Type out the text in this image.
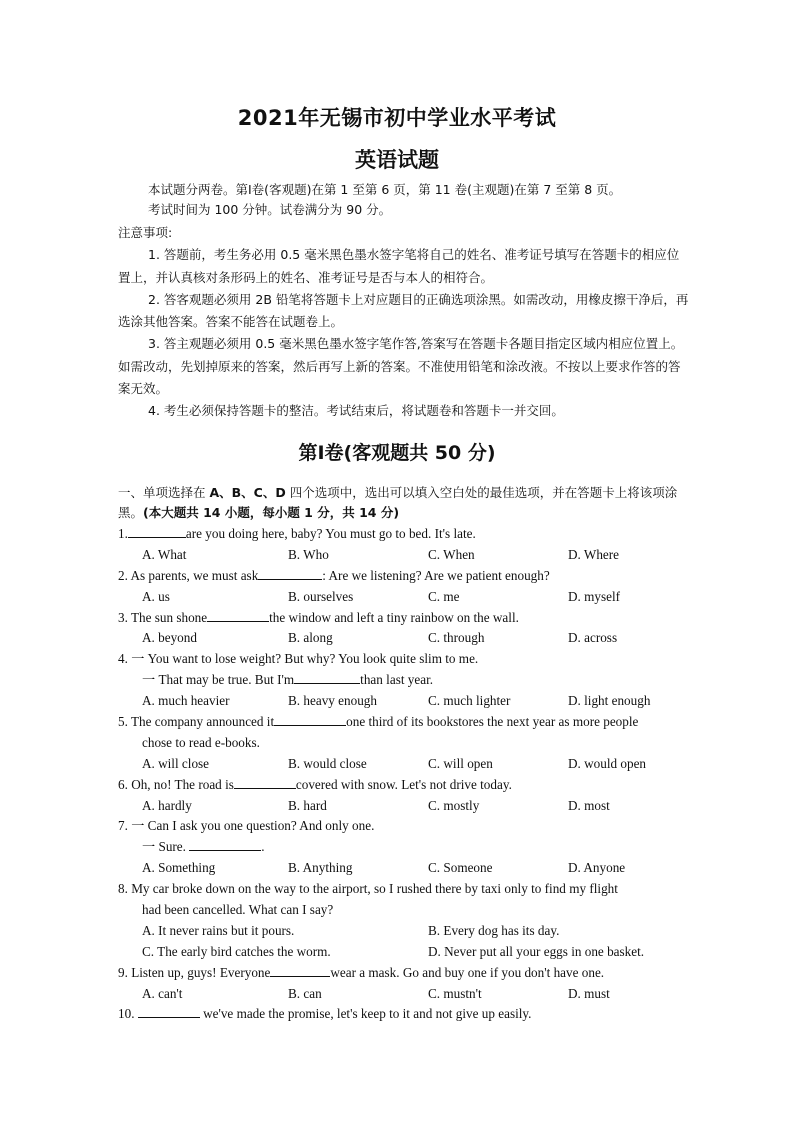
2021年无锡市初中学业水平考试
英语试题
本试题分两卷。第Ⅰ卷(客观题)在第 1 至第 6 页，第 11 卷(主观题)在第 7 至第 8 页。
考试时间为 100 分钟。试卷满分为 90 分。

注意事项:

1. 答题前，考生务必用 0.5 毫米黑色墨水签字笔将自己的姓名、准考证号填写在答题卡的相应位置上，并认真核对条形码上的姓名、准考证号是否与本人的相符合。

2. 答客观题必须用 2B 铅笔将答题卡上对应题目的正确选项涂黑。如需改动，用橡皮擦干净后，再选涂其他答案。答案不能答在试题卷上。

3. 答主观题必须用 0.5 毫米黑色墨水签字笔作答,答案写在答题卡各题目指定区域内相应位置上。如需改动，先划掉原来的答案，然后再写上新的答案。不准使用铅笔和涂改液。不按以上要求作答的答案无效。

4. 考生必须保持答题卡的整洁。考试结束后，将试题卷和答题卡一并交回。

第Ⅰ卷(客观题共 50 分)
一、单项选择在 A、B、C、D 四个选项中，选出可以填入空白处的最佳选项，并在答题卡上将该项涂黑。(本大题共 14 小题，每小题 1 分，共 14 分)
1.	are you doing here, baby? You must go to bed. It's late.
A. What	B. Who	C. When	D. Where
2. As parents, we must ask	: Are we listening? Are we patient enough?
A. us	B. ourselves	C. me	D. myself
3. The sun shone	the window and left a tiny rainbow on the wall.
A. beyond	B. along	C. through	D. across
4. 一 You want to lose weight? But why? You look quite slim to me.
一 That may be true. But I'm	than last year.
A. much heavier	B. heavy enough	C. much lighter	D. light enough
5. The company announced it	one third of its bookstores the next year as more people
chose to read e-books.
A. will close	B. would close	C. will open	D. would open
6. Oh, no! The road is	covered with snow. Let's not drive today.
A. hardly	B. hard	C. mostly	D. most
7. 一 Can I ask you one question? And only one.
一 Sure.	.
A. Something	B. Anything	C. Someone	D. Anyone
8. My car broke down on the way to the airport, so I rushed there by taxi only to find my flight
had been cancelled. What can I say?
A. It never rains but it pours.	B. Every dog has its day.
C. The early bird catches the worm.	D. Never put all your eggs in one basket.
9. Listen up, guys! Everyone	wear a mask. Go and buy one if you don't have one.
A. can't	B. can	C. mustn't	D. must
10.	we've made the promise, let's keep to it and not give up easily.
